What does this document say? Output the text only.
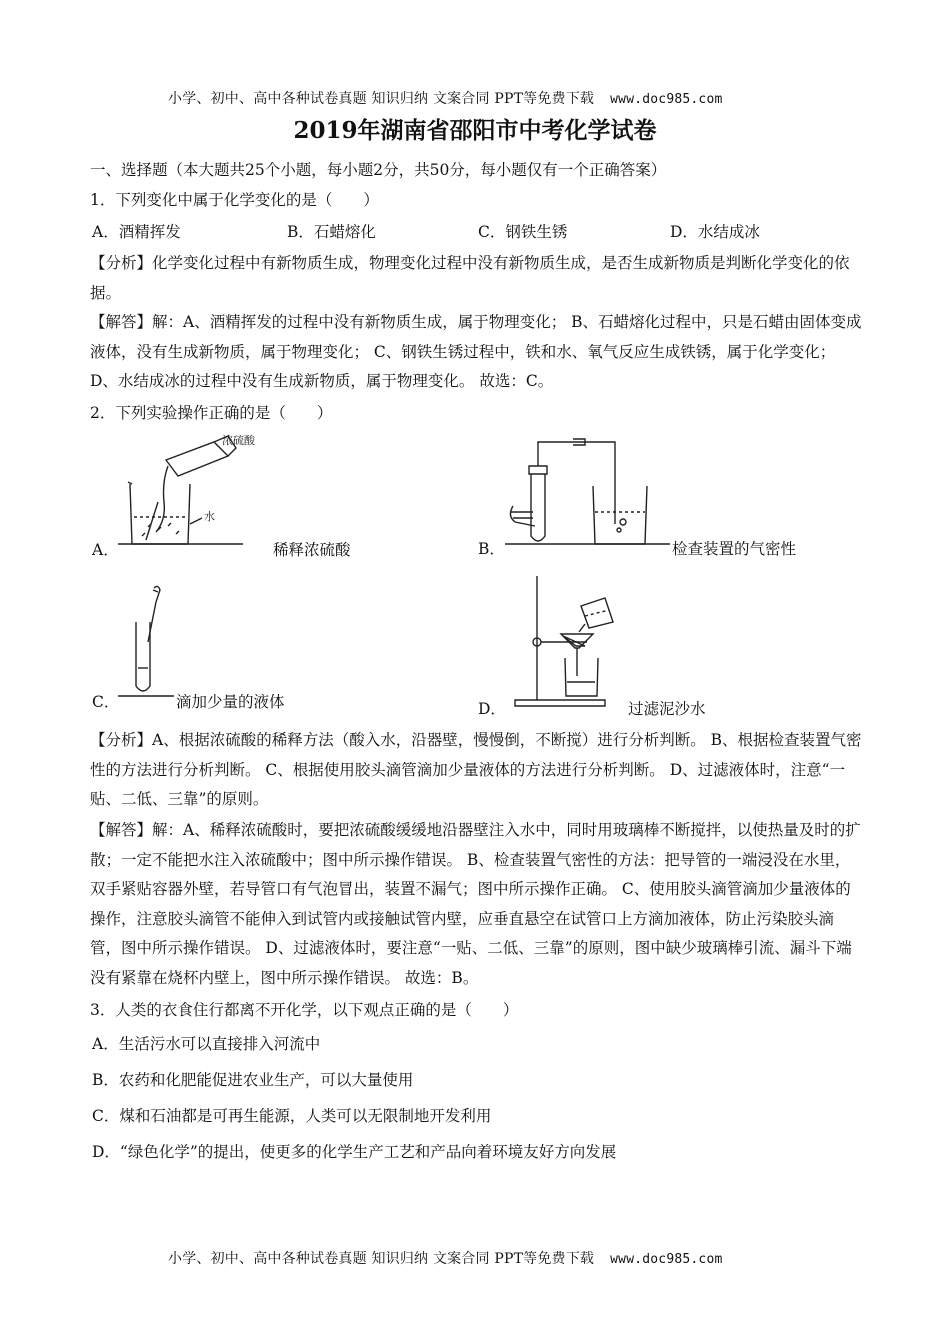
小学、初中、高中各种试卷真题 知识归纳 文案合同 PPT等免费下载 www.doc985.com
2019年湖南省邵阳市中考化学试卷
一、选择题（本大题共25个小题，每小题2分，共50分，每小题仅有一个正确答案）
1．下列变化中属于化学变化的是（　　）
A．酒精挥发	B．石蜡熔化	C．钢铁生锈	D．水结成冰
【分析】化学变化过程中有新物质生成，物理变化过程中没有新物质生成，是否生成新物质是判断化学变化的依据。
【解答】解：A、酒精挥发的过程中没有新物质生成，属于物理变化； B、石蜡熔化过程中，只是石蜡由固体变成液体，没有生成新物质，属于物理变化； C、钢铁生锈过程中，铁和水、氧气反应生成铁锈，属于化学变化； D、水结成冰的过程中没有生成新物质，属于物理变化。 故选：C。
2．下列实验操作正确的是（　　）
A．
浓硫酸
水
稀释浓硫酸	B．	检查装置的气密性
C．	滴加少量的液体	D．	过滤泥沙水
【分析】A、根据浓硫酸的稀释方法（酸入水，沿器壁，慢慢倒，不断搅）进行分析判断。 B、根据检查装置气密性的方法进行分析判断。 C、根据使用胶头滴管滴加少量液体的方法进行分析判断。 D、过滤液体时，注意“一贴、二低、三靠”的原则。
【解答】解：A、稀释浓硫酸时，要把浓硫酸缓缓地沿器壁注入水中，同时用玻璃棒不断搅拌，以使热量及时的扩散；一定不能把水注入浓硫酸中；图中所示操作错误。 B、检查装置气密性的方法：把导管的一端浸没在水里，双手紧贴容器外壁，若导管口有气泡冒出，装置不漏气；图中所示操作正确。 C、使用胶头滴管滴加少量液体的操作，注意胶头滴管不能伸入到试管内或接触试管内壁，应垂直悬空在试管口上方滴加液体，防止污染胶头滴管，图中所示操作错误。 D、过滤液体时，要注意“一贴、二低、三靠”的原则，图中缺少玻璃棒引流、漏斗下端没有紧靠在烧杯内壁上，图中所示操作错误。 故选：B。
3．人类的衣食住行都离不开化学，以下观点正确的是（　　）
A．生活污水可以直接排入河流中
B．农药和化肥能促进农业生产，可以大量使用
C．煤和石油都是可再生能源，人类可以无限制地开发利用
D．“绿色化学”的提出，使更多的化学生产工艺和产品向着环境友好方向发展
小学、初中、高中各种试卷真题 知识归纳 文案合同 PPT等免费下载 www.doc985.com
